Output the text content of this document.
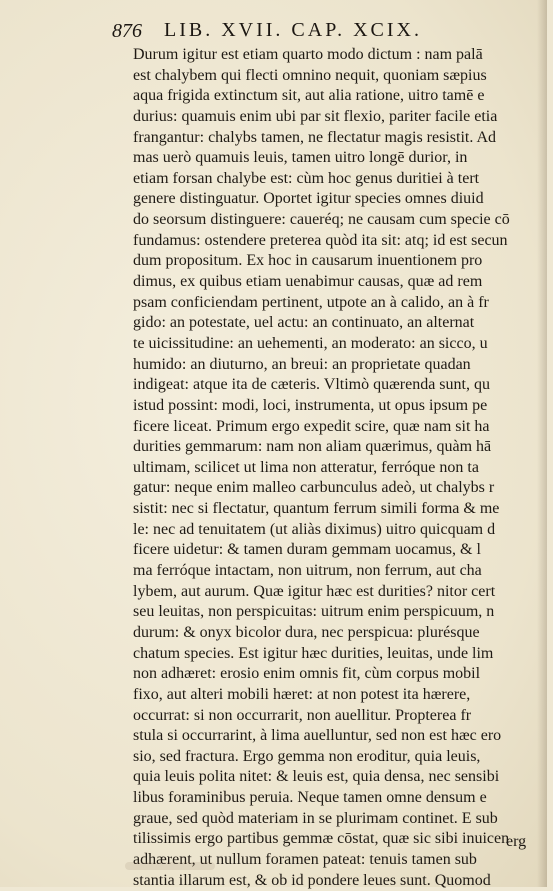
876 LIB. XVII. CAP. XCIX.
Durum igitur est etiam quarto modo dictum : nam palā
est chalybem qui flecti omnino nequit, quoniam sæpius
aqua frigida extinctum sit, aut alia ratione, uitro tamē e
durius: quamuis enim ubi par sit flexio, pariter facile etia
frangantur: chalybs tamen, ne flectatur magis resistit. Ad
mas uerò quamuis leuis, tamen uitro longē durior, in
etiam forsan chalybe est: cùm hoc genus duritiei à tert
genere distinguatur. Oportet igitur species omnes diuid
do seorsum distinguere: caueréq; ne causam cum specie cō
fundamus: ostendere preterea quòd ita sit: atq; id est secun
dum propositum. Ex hoc in causarum inuentionem pro
dimus, ex quibus etiam uenabimur causas, quæ ad rem
psam conficiendam pertinent, utpote an à calido, an à fr
gido: an potestate, uel actu: an continuato, an alternat
te uicissitudine: an uehementi, an moderato: an sicco, u
humido: an diuturno, an breui: an proprietate quadan
indigeat: atque ita de cæteris. Vltimò quærenda sunt, qu
istud possint: modi, loci, instrumenta, ut opus ipsum pe
ficere liceat. Primum ergo expedit scire, quæ nam sit ha
durities gemmarum: nam non aliam quærimus, quàm hā
ultimam, scilicet ut lima non atteratur, ferróque non ta
gatur: neque enim malleo carbunculus adeò, ut chalybs r
sistit: nec si flectatur, quantum ferrum simili forma & me
le: nec ad tenuitatem (ut aliàs diximus) uitro quicquam d
ficere uidetur: & tamen duram gemmam uocamus, & l
ma ferróque intactam, non uitrum, non ferrum, aut cha
lybem, aut aurum. Quæ igitur hæc est durities? nitor cert
seu leuitas, non perspicuitas: uitrum enim perspicuum, n
durum: & onyx bicolor dura, nec perspicua: plurésque
chatum species. Est igitur hæc durities, leuitas, unde lim
non adhæret: erosio enim omnis fit, cùm corpus mobil
fixo, aut alteri mobili hæret: at non potest ita hærere,
occurrat: si non occurrarit, non auellitur. Propterea fr
stula si occurrarint, à lima auelluntur, sed non est hæc ero
sio, sed fractura. Ergo gemma non eroditur, quia leuis,
quia leuis polita nitet: & leuis est, quia densa, nec sensibi
libus foraminibus peruia. Neque tamen omne densum e
graue, sed quòd materiam in se plurimam continet. E sub
tilissimis ergo partibus gemmæ cōstat, quæ sic sibi inuicen
adhærent, ut nullum foramen pateat: tenuis tamen sub
stantia illarum est, & ob id pondere leues sunt. Quomod
erg
